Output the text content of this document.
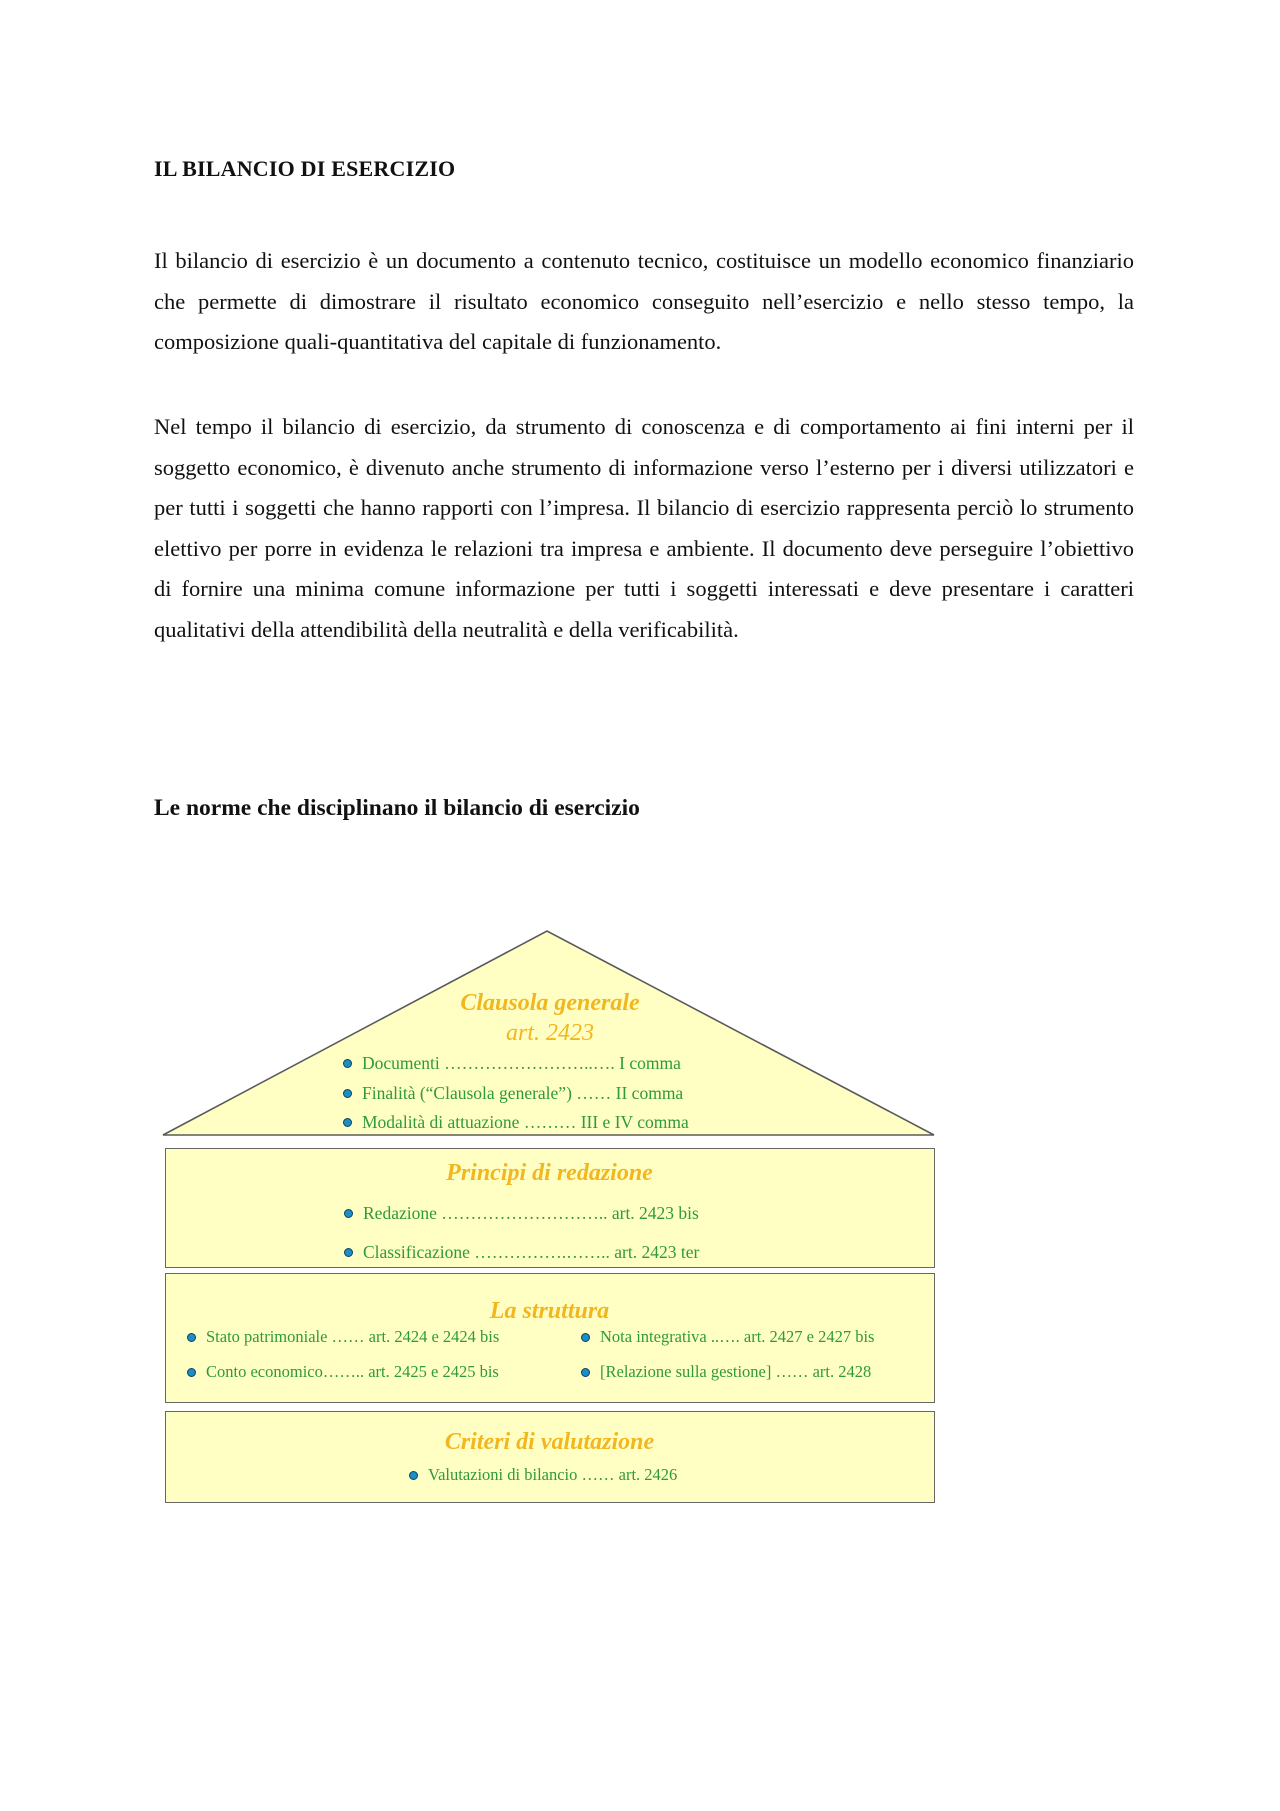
IL BILANCIO DI ESERCIZIO

Il bilancio di esercizio è un documento a contenuto tecnico, costituisce un modello economico finanziario che permette di dimostrare il risultato economico conseguito nell’esercizio e nello stesso tempo, la composizione quali-quantitativa del capitale di funzionamento.

Nel tempo il bilancio di esercizio, da strumento di conoscenza e di comportamento ai fini interni per il soggetto economico, è divenuto anche strumento di informazione verso l’esterno per i diversi utilizzatori e per tutti i soggetti che hanno rapporti con l’impresa. Il bilancio di esercizio rappresenta perciò lo strumento elettivo per porre in evidenza le relazioni tra impresa e ambiente. Il documento deve perseguire l’obiettivo di fornire una minima comune informazione per tutti i soggetti interessati e deve presentare i caratteri qualitativi della attendibilità della neutralità e della verificabilità.

Le norme che disciplinano il bilancio di esercizio
Clausola generale
art. 2423
Documenti ……………………..…. I comma
Finalità (“Clausola generale”) …… II comma
Modalità di attuazione ……… III e IV comma
Principi di redazione
Redazione ……………………….. art. 2423 bis
Classificazione …………….…….. art. 2423 ter
La struttura
Stato patrimoniale …… art. 2424 e 2424 bis
Conto economico…….. art. 2425 e 2425 bis
Nota integrativa ..…. art. 2427 e 2427 bis
[Relazione sulla gestione] …… art. 2428
Criteri di valutazione
Valutazioni di bilancio …… art. 2426
